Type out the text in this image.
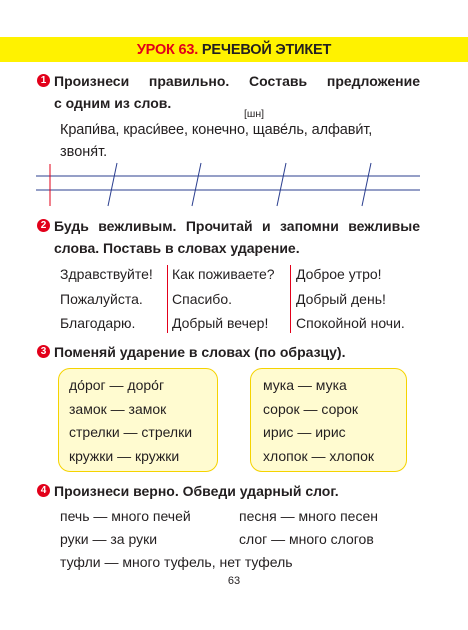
УРОК 63. РЕЧЕВОЙ ЭТИКЕТ
1 Произнеси правильно. Составь предложение
с одним из слов.
[шн]
Крапи́ва, краси́вее, конечно, щаве́ль, алфави́т,
звоня́т.
2 Будь вежливым. Прочитай и запомни вежливые
слова. Поставь в словах ударение.
Здравствуйте!
Пожалуйста.
Благодарю.
Как поживаете?
Спасибо.
Добрый вечер!
Доброе утро!
Добрый день!
Спокойной ночи.
3 Поменяй ударение в словах (по образцу).
до́рог — доро́г
замок — замок
стрелки — стрелки
кружки — кружки
мука — мука
сорок — сорок
ирис — ирис
хлопок — хлопок
4 Произнеси верно. Обведи ударный слог.
печь — много печей	песня — много песен
руки — за руки	слог — много слогов
туфли — много туфель, нет туфель
63
